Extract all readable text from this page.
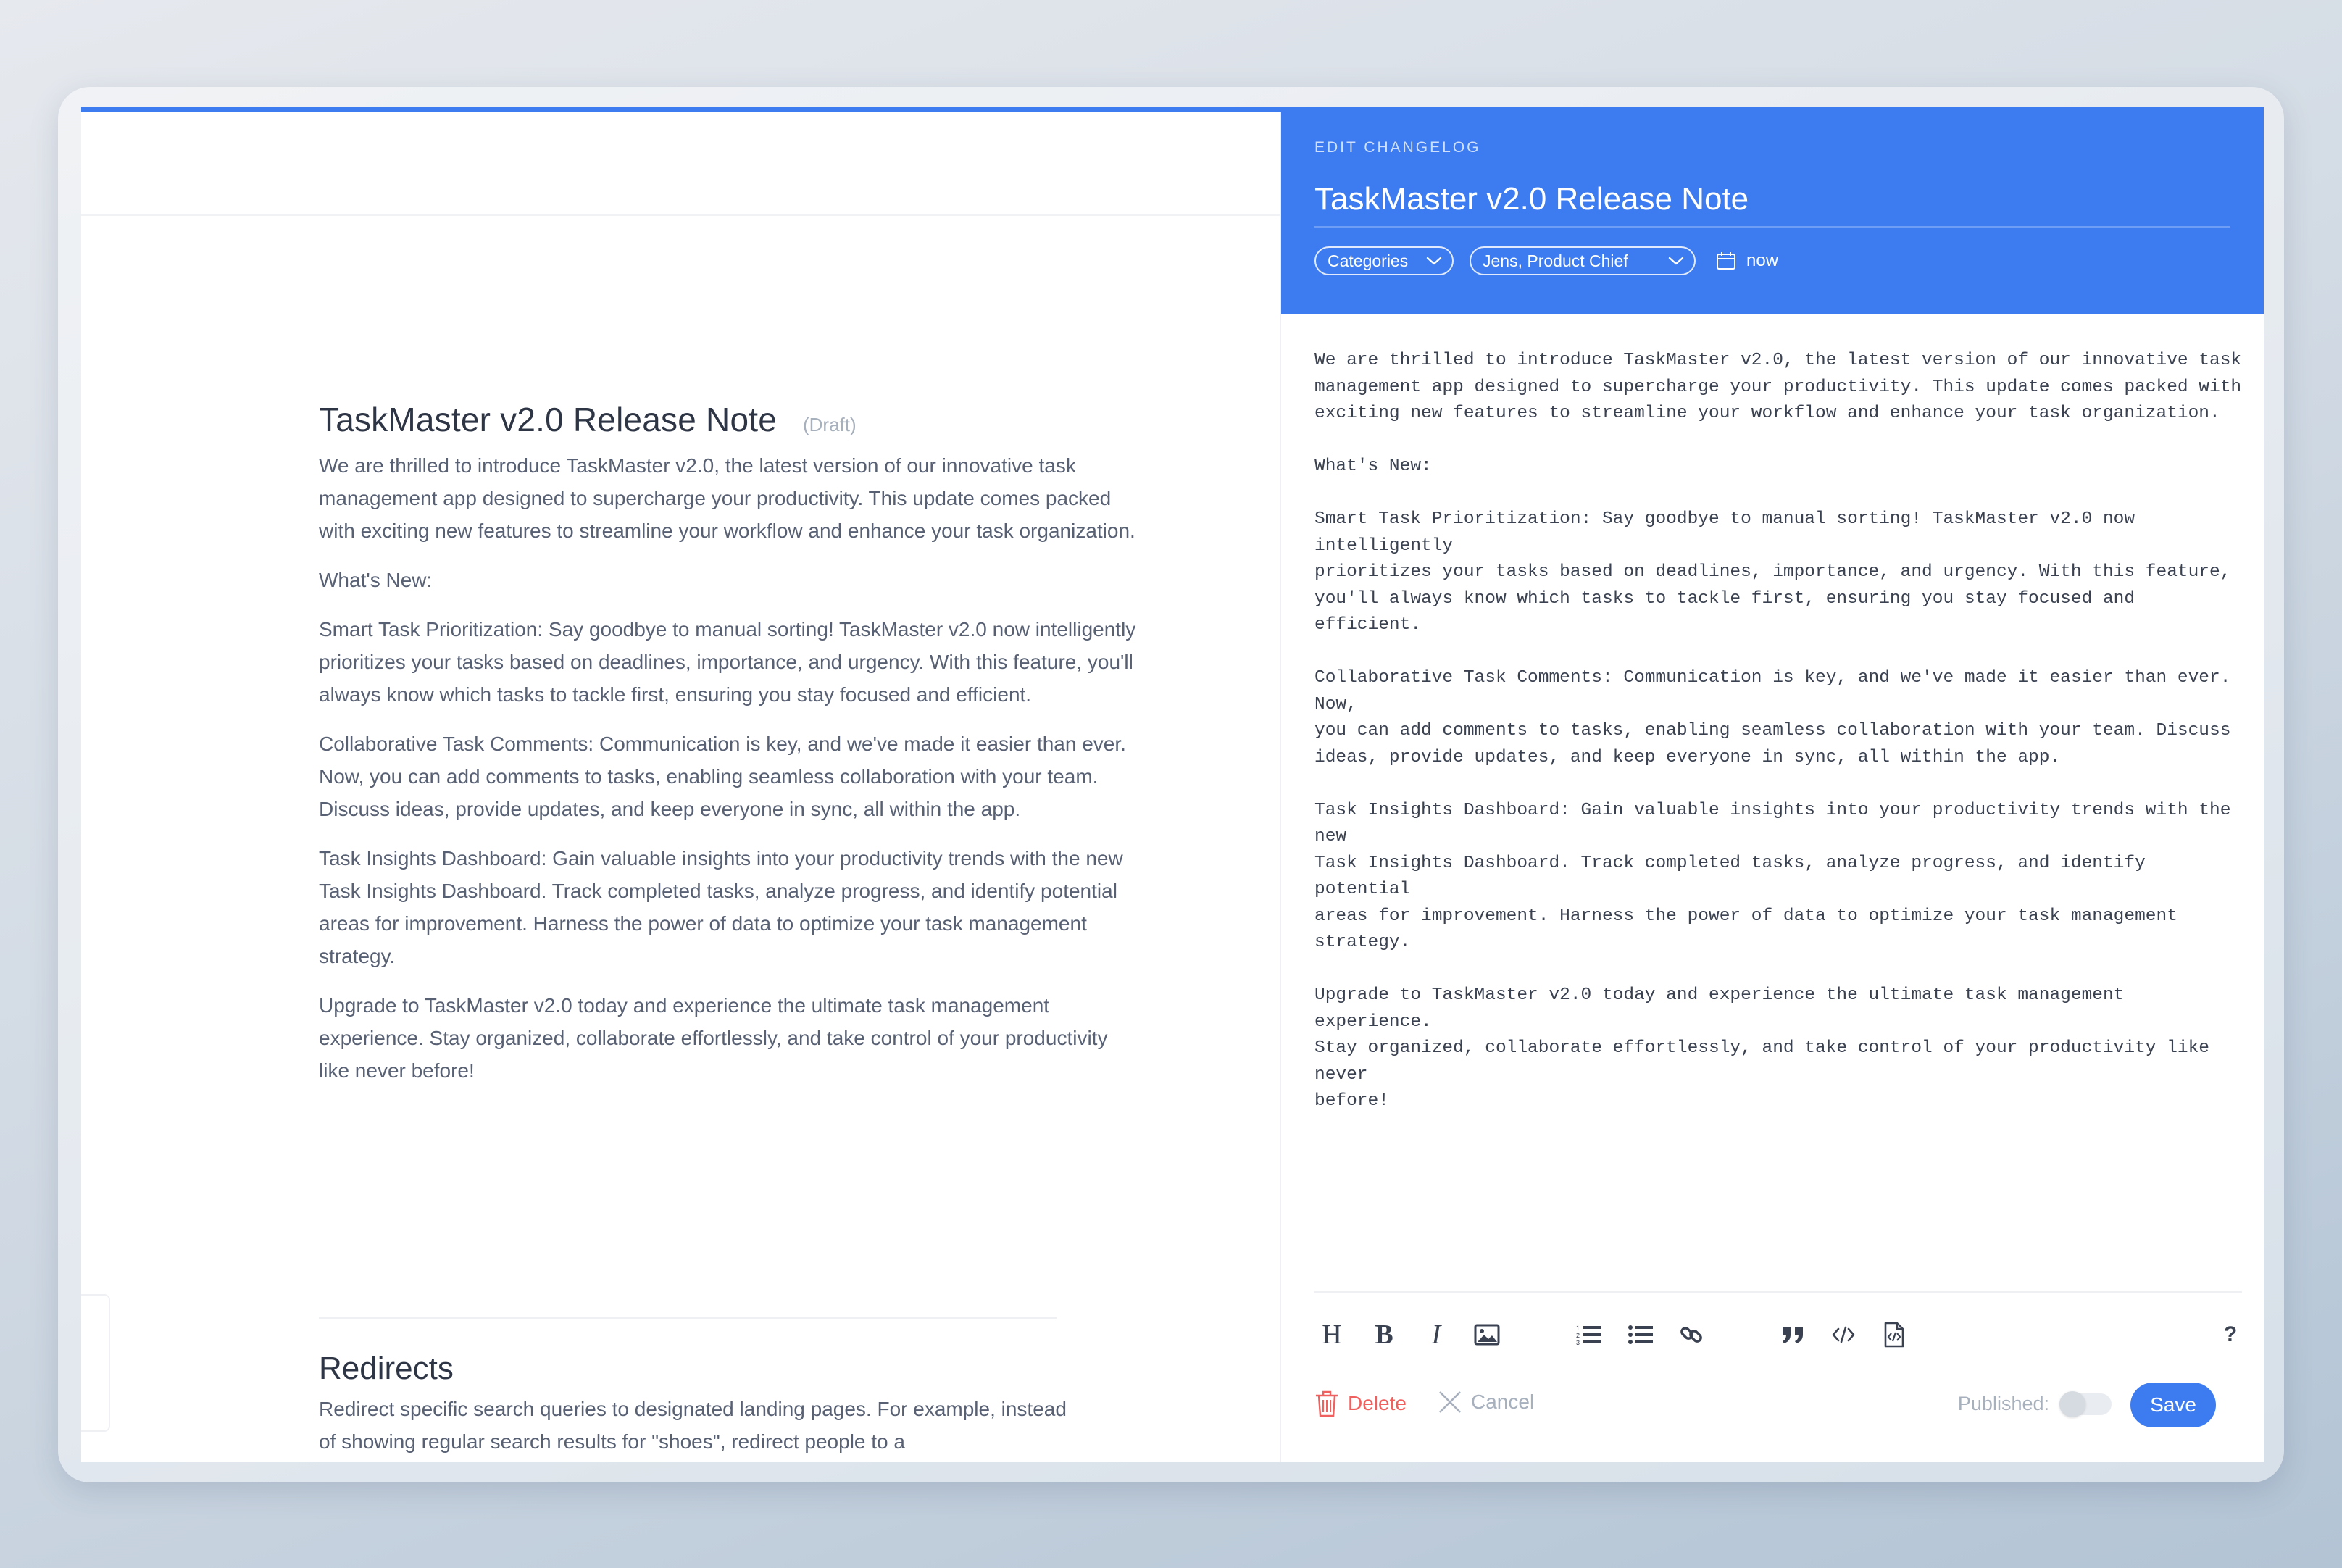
TaskMaster v2.0 Release Note (Draft)

We are thrilled to introduce TaskMaster v2.0, the latest version of our innovative task management app designed to supercharge your productivity. This update comes packed with exciting new features to streamline your workflow and enhance your task organization.

What's New:

Smart Task Prioritization: Say goodbye to manual sorting! TaskMaster v2.0 now intelligently prioritizes your tasks based on deadlines, importance, and urgency. With this feature, you'll always know which tasks to tackle first, ensuring you stay focused and efficient.

Collaborative Task Comments: Communication is key, and we've made it easier than ever. Now, you can add comments to tasks, enabling seamless collaboration with your team. Discuss ideas, provide updates, and keep everyone in sync, all within the app.

Task Insights Dashboard: Gain valuable insights into your productivity trends with the new Task Insights Dashboard. Track completed tasks, analyze progress, and identify potential areas for improvement. Harness the power of data to optimize your task management strategy.

Upgrade to TaskMaster v2.0 today and experience the ultimate task management experience. Stay organized, collaborate effortlessly, and take control of your productivity like never before!

Redirects

Redirect specific search queries to designated landing pages. For example, instead of showing regular search results for "shoes", redirect people to a

EDIT CHANGELOG
TaskMaster v2.0 Release Note
Categories	Jens, Product Chief	now
We are thrilled to introduce TaskMaster v2.0, the latest version of our innovative task
management app designed to supercharge your productivity. This update comes packed with
exciting new features to streamline your workflow and enhance your task organization.
What's New:
Smart Task Prioritization: Say goodbye to manual sorting! TaskMaster v2.0 now intelligently
prioritizes your tasks based on deadlines, importance, and urgency. With this feature,
you'll always know which tasks to tackle first, ensuring you stay focused and efficient.
Collaborative Task Comments: Communication is key, and we've made it easier than ever. Now,
you can add comments to tasks, enabling seamless collaboration with your team. Discuss
ideas, provide updates, and keep everyone in sync, all within the app.
Task Insights Dashboard: Gain valuable insights into your productivity trends with the new
Task Insights Dashboard. Track completed tasks, analyze progress, and identify potential
areas for improvement. Harness the power of data to optimize your task management strategy.
Upgrade to TaskMaster v2.0 today and experience the ultimate task management experience.
Stay organized, collaborate effortlessly, and take control of your productivity like never
before!
H B I	1
2
3	?
Delete	Cancel	Published:	Save
